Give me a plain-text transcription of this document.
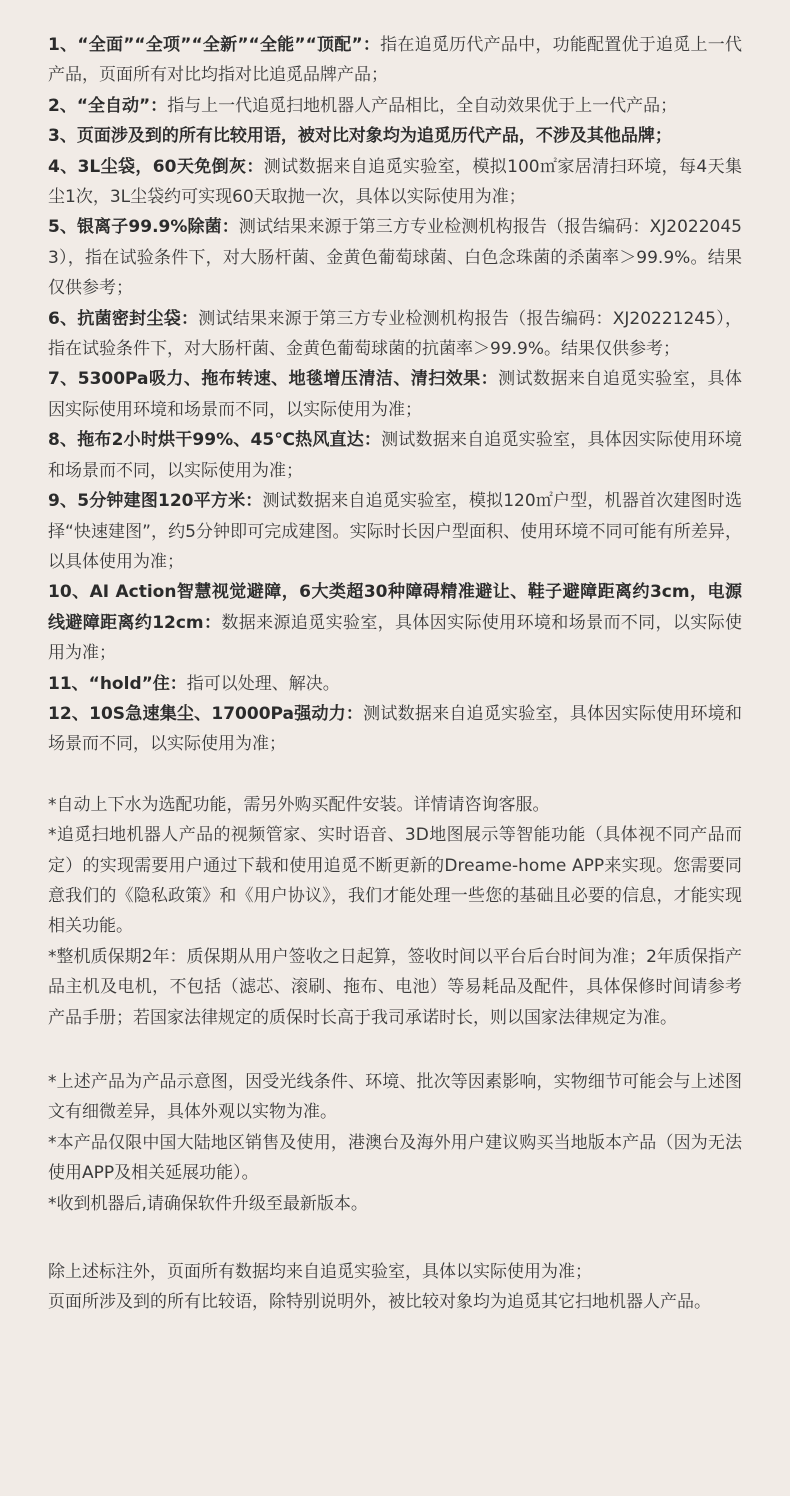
1、“全面”“全项”“全新”“全能”“顶配”：指在追觅历代产品中，功能配置优于追觅上一代产品，页面所有对比均指对比追觅品牌产品；

2、“全自动”：指与上一代追觅扫地机器人产品相比，全自动效果优于上一代产品；

3、页面涉及到的所有比较用语，被对比对象均为追觅历代产品，不涉及其他品牌；

4、3L尘袋，60天免倒灰：测试数据来自追觅实验室，模拟100㎡家居清扫环境，每4天集尘1次，3L尘袋约可实现60天取抛一次，具体以实际使用为准；

5、银离子99.9%除菌：测试结果来源于第三方专业检测机构报告（报告编码：XJ20220453），指在试验条件下，对大肠杆菌、金黄色葡萄球菌、白色念珠菌的杀菌率＞99.9%。结果仅供参考；

6、抗菌密封尘袋：测试结果来源于第三方专业检测机构报告（报告编码：XJ20221245），指在试验条件下，对大肠杆菌、金黄色葡萄球菌的抗菌率＞99.9%。结果仅供参考；

7、5300Pa吸力、拖布转速、地毯增压清洁、清扫效果：测试数据来自追觅实验室，具体因实际使用环境和场景而不同，以实际使用为准；

8、拖布2小时烘干99%、45℃热风直达：测试数据来自追觅实验室，具体因实际使用环境和场景而不同，以实际使用为准；

9、5分钟建图120平方米：测试数据来自追觅实验室，模拟120㎡户型，机器首次建图时选择“快速建图”，约5分钟即可完成建图。实际时长因户型面积、使用环境不同可能有所差异，以具体使用为准；

10、AI Action智慧视觉避障，6大类超30种障碍精准避让、鞋子避障距离约3cm，电源线避障距离约12cm：数据来源追觅实验室，具体因实际使用环境和场景而不同，以实际使用为准；

11、“hold”住：指可以处理、解决。

12、10S急速集尘、17000Pa强动力：测试数据来自追觅实验室，具体因实际使用环境和场景而不同，以实际使用为准；

*自动上下水为选配功能，需另外购买配件安装。详情请咨询客服。

*追觅扫地机器人产品的视频管家、实时语音、3D地图展示等智能功能（具体视不同产品而定）的实现需要用户通过下载和使用追觅不断更新的Dreame-home APP来实现。您需要同意我们的《隐私政策》和《用户协议》，我们才能处理一些您的基础且必要的信息，才能实现相关功能。

*整机质保期2年：质保期从用户签收之日起算，签收时间以平台后台时间为准；2年质保指产品主机及电机，不包括（滤芯、滚刷、拖布、电池）等易耗品及配件，具体保修时间请参考产品手册；若国家法律规定的质保时长高于我司承诺时长，则以国家法律规定为准。

*上述产品为产品示意图，因受光线条件、环境、批次等因素影响，实物细节可能会与上述图文有细微差异，具体外观以实物为准。

*本产品仅限中国大陆地区销售及使用，港澳台及海外用户建议购买当地版本产品（因为无法使用APP及相关延展功能）。

*收到机器后,请确保软件升级至最新版本。

除上述标注外，页面所有数据均来自追觅实验室，具体以实际使用为准；

页面所涉及到的所有比较语，除特别说明外，被比较对象均为追觅其它扫地机器人产品。
